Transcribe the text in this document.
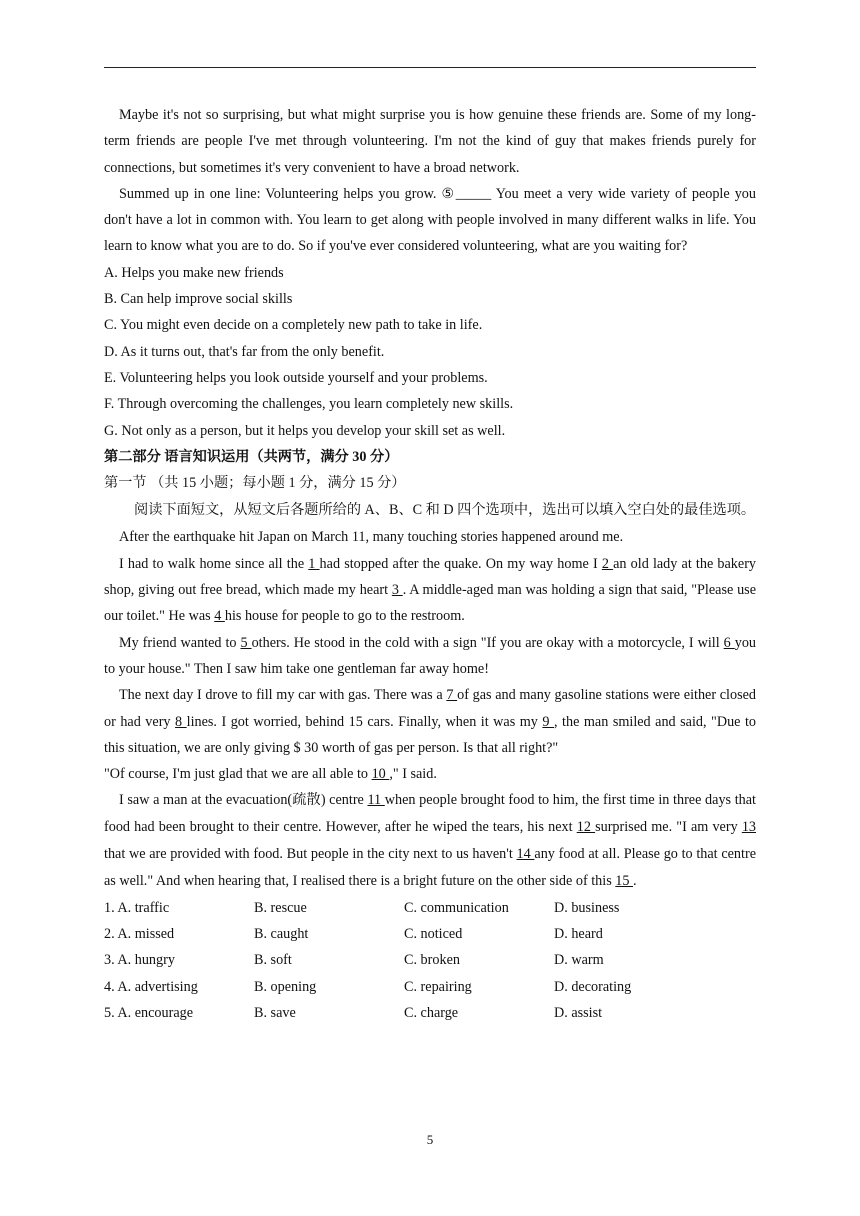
Maybe it's not so surprising, but what might surprise you is how genuine these friends are. Some of my long-term friends are people I've met through volunteering. I'm not the kind of guy that makes friends purely for connections, but sometimes it's very convenient to have a broad network.

Summed up in one line: Volunteering helps you grow. ⑤_____ You meet a very wide variety of people you don't have a lot in common with. You learn to get along with people involved in many different walks in life. You learn to know what you are to do. So if you've ever considered volunteering, what are you waiting for?

A. Helps you make new friends

B. Can help improve social skills

C. You might even decide on a completely new path to take in life.

D. As it turns out, that's far from the only benefit.

E. Volunteering helps you look outside yourself and your problems.

F. Through overcoming the challenges, you learn completely new skills.

G. Not only as a person, but it helps you develop your skill set as well.

第二部分 语言知识运用（共两节，满分 30 分）

第一节 （共 15 小题；每小题 1 分，满分 15 分）

阅读下面短文，从短文后各题所给的 A、B、C 和 D 四个选项中，选出可以填入空白处的最佳选项。

After the earthquake hit Japan on March 11, many touching stories happened around me.

I had to walk home since all the 1 had stopped after the quake. On my way home I 2 an old lady at the bakery shop, giving out free bread, which made my heart 3 . A middle-aged man was holding a sign that said, "Please use our toilet." He was 4 his house for people to go to the restroom.

My friend wanted to 5 others. He stood in the cold with a sign "If you are okay with a motorcycle, I will 6 you to your house." Then I saw him take one gentleman far away home!

The next day I drove to fill my car with gas. There was a 7 of gas and many gasoline stations were either closed or had very 8 lines. I got worried, behind 15 cars. Finally, when it was my 9 , the man smiled and said, "Due to this situation, we are only giving $ 30 worth of gas per person. Is that all right?"

"Of course, I'm just glad that we are all able to 10 ," I said.

I saw a man at the evacuation(疏散) centre 11 when people brought food to him, the first time in three days that food had been brought to their centre. However, after he wiped the tears, his next 12 surprised me. "I am very 13 that we are provided with food. But people in the city next to us haven't 14 any food at all. Please go to that centre as well." And when hearing that, I realised there is a bright future on the other side of this 15 .

1. A. traffic	B. rescue	C. communication	D. business
2. A. missed	B. caught	C. noticed	D. heard
3. A. hungry	B. soft	C. broken	D. warm
4. A. advertising	B. opening	C. repairing	D. decorating
5. A. encourage	B. save	C. charge	D. assist
5
